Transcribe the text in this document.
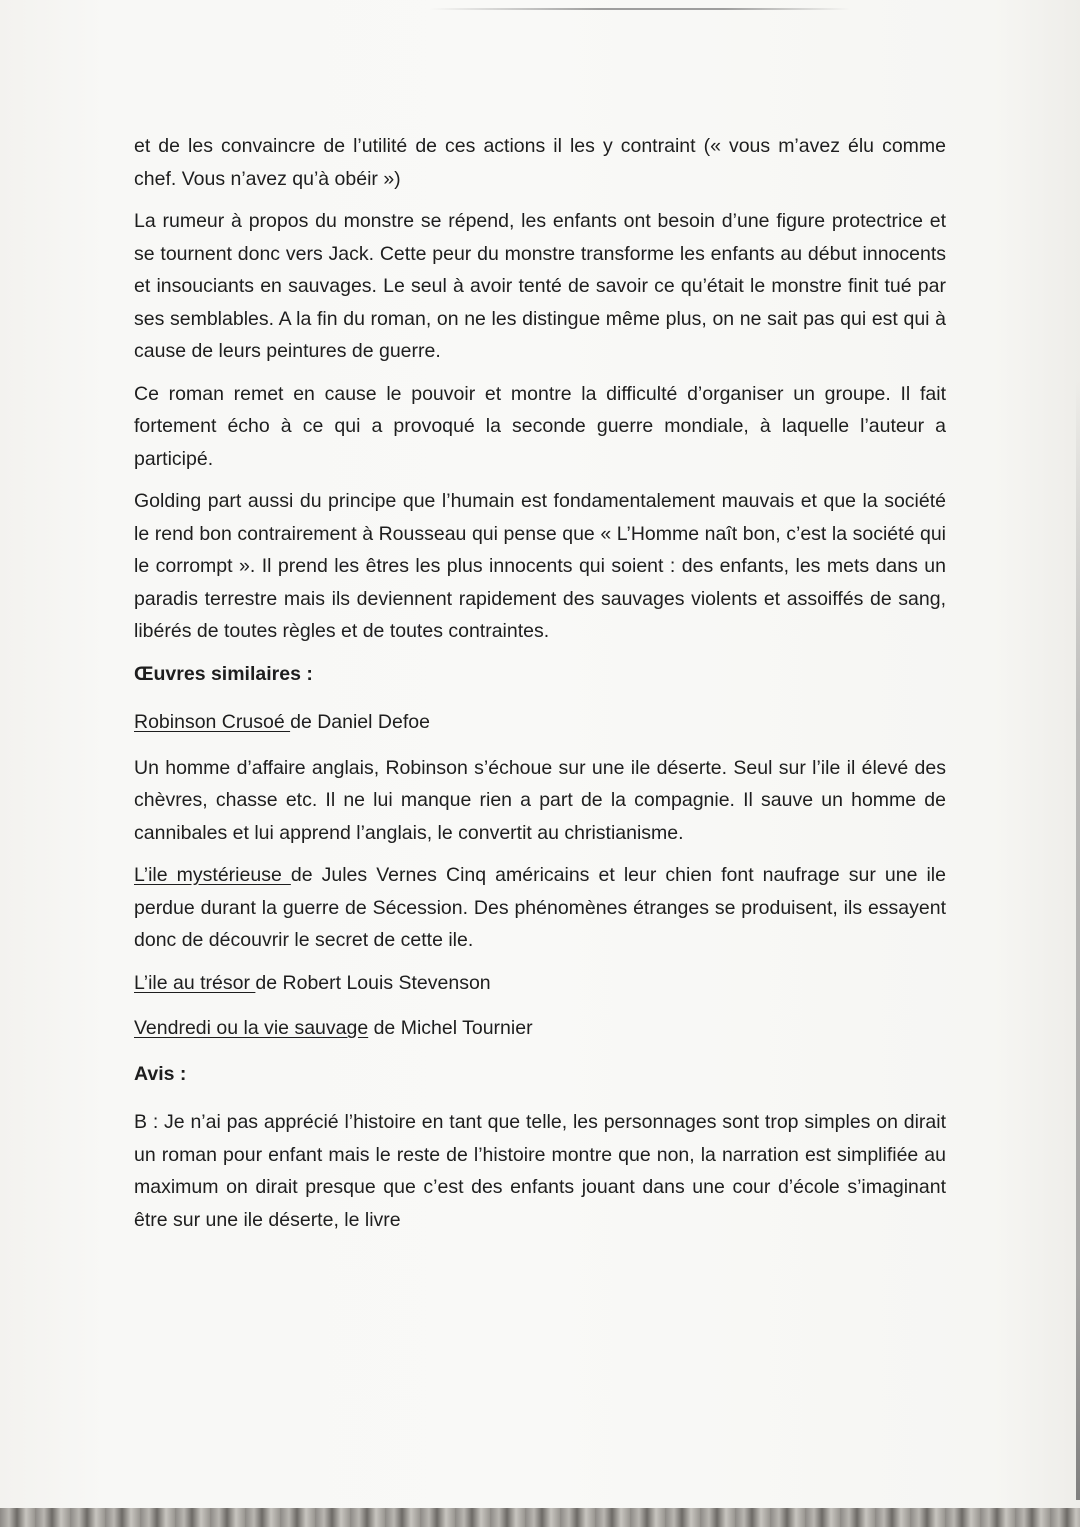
et de les convaincre de l’utilité de ces actions il les y contraint (« vous m’avez élu comme chef. Vous n’avez qu’à obéir »)

La rumeur à propos du monstre se répend, les enfants ont besoin d’une figure protectrice et se tournent donc vers Jack. Cette peur du monstre transforme les enfants au début innocents et insouciants en sauvages. Le seul à avoir tenté de savoir ce qu’était le monstre finit tué par ses semblables. A la fin du roman, on ne les distingue même plus, on ne sait pas qui est qui à cause de leurs peintures de guerre.

Ce roman remet en cause le pouvoir et montre la difficulté d’organiser un groupe. Il fait fortement écho à ce qui a provoqué la seconde guerre mondiale, à laquelle l’auteur a participé.

Golding part aussi du principe que l’humain est fondamentalement mauvais et que la société le rend bon contrairement à Rousseau qui pense que « L’Homme naît bon, c’est la société qui le corrompt ». Il prend les êtres les plus innocents qui soient : des enfants, les mets dans un paradis terrestre mais ils deviennent rapidement des sauvages violents et assoiffés de sang, libérés de toutes règles et de toutes contraintes.

Œuvres similaires :

Robinson Crusoé de Daniel Defoe

Un homme d’affaire anglais, Robinson s’échoue sur une ile déserte. Seul sur l’ile il élevé des chèvres, chasse etc. Il ne lui manque rien a part de la compagnie. Il sauve un homme de cannibales et lui apprend l’anglais, le convertit au christianisme.

L’ile mystérieuse de Jules Vernes Cinq américains et leur chien font naufrage sur une ile perdue durant la guerre de Sécession. Des phénomènes étranges se produisent, ils essayent donc de découvrir le secret de cette ile.

L’ile au trésor de Robert Louis Stevenson

Vendredi ou la vie sauvage de Michel Tournier

Avis :

B : Je n’ai pas apprécié l’histoire en tant que telle, les personnages sont trop simples on dirait un roman pour enfant mais le reste de l’histoire montre que non, la narration est simplifiée au maximum on dirait presque que c’est des enfants jouant dans une cour d’école s’imaginant être sur une ile déserte, le livre
